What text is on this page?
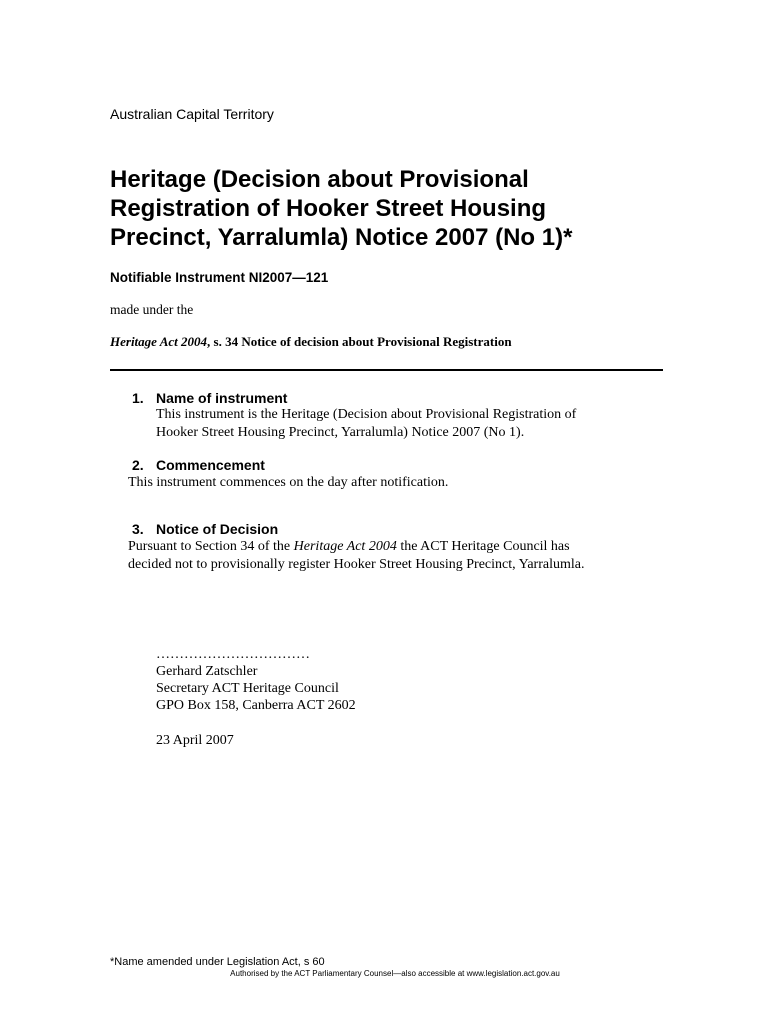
Australian Capital Territory
Heritage (Decision about Provisional
Registration of Hooker Street Housing
Precinct, Yarralumla) Notice 2007 (No 1)*
Notifiable Instrument NI2007—121
made under the
Heritage Act 2004, s. 34 Notice of decision about Provisional Registration
1. Name of instrument
This instrument is the Heritage (Decision about Provisional Registration of
Hooker Street Housing Precinct, Yarralumla) Notice 2007 (No 1).
2. Commencement
This instrument commences on the day after notification.
3. Notice of Decision
Pursuant to Section 34 of the Heritage Act 2004 the ACT Heritage Council has
decided not to provisionally register Hooker Street Housing Precinct, Yarralumla.
……………………………
Gerhard Zatschler
Secretary ACT Heritage Council
GPO Box 158, Canberra ACT 2602
23 April 2007
*Name amended under Legislation Act, s 60
Authorised by the ACT Parliamentary Counsel—also accessible at www.legislation.act.gov.au
